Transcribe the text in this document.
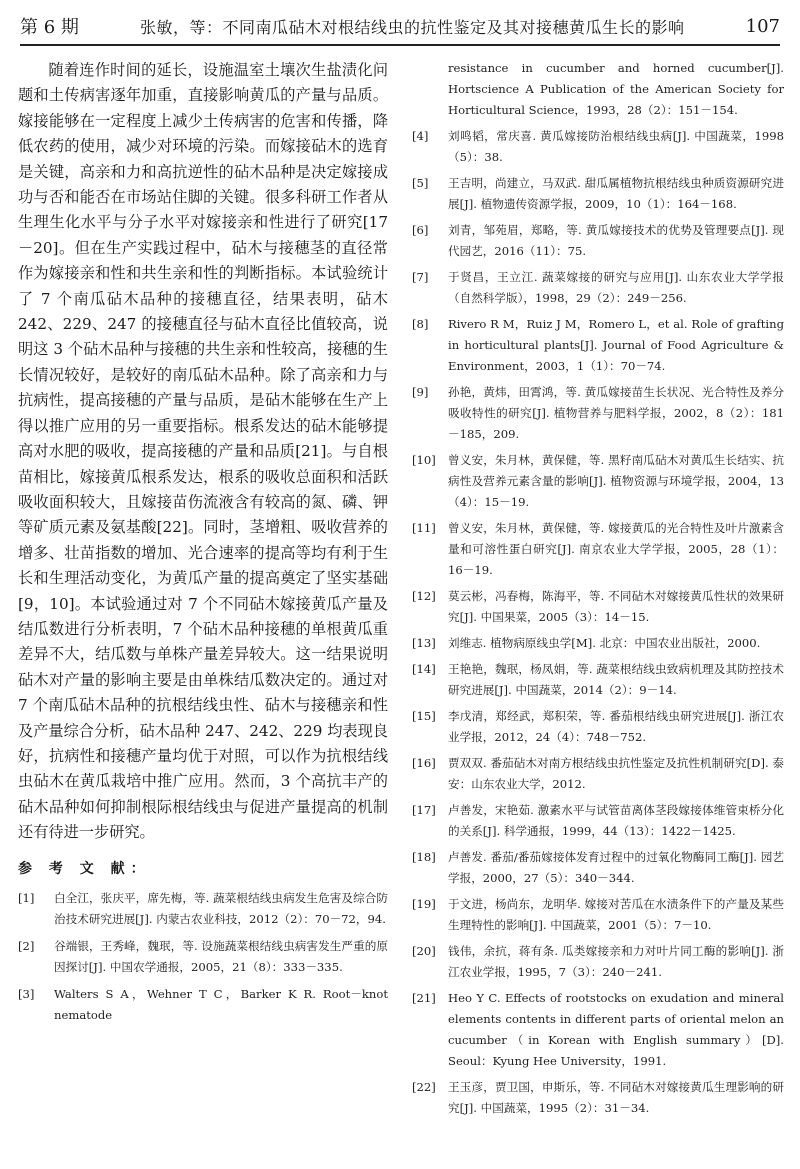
第 6 期	张敏，等：不同南瓜砧木对根结线虫的抗性鉴定及其对接穗黄瓜生长的影响	107

随着连作时间的延长，设施温室土壤次生盐渍化问题和土传病害逐年加重，直接影响黄瓜的产量与品质。嫁接能够在一定程度上减少土传病害的危害和传播，降低农药的使用，减少对环境的污染。而嫁接砧木的选育是关键，高亲和力和高抗逆性的砧木品种是决定嫁接成功与否和能否在市场站住脚的关键。很多科研工作者从生理生化水平与分子水平对嫁接亲和性进行了研究[17－20]。但在生产实践过程中，砧木与接穗茎的直径常作为嫁接亲和性和共生亲和性的判断指标。本试验统计了 7 个南瓜砧木品种的接穗直径，结果表明，砧木 242、229、247 的接穗直径与砧木直径比值较高，说明这 3 个砧木品种与接穗的共生亲和性较高，接穗的生长情况较好，是较好的南瓜砧木品种。除了高亲和力与抗病性，提高接穗的产量与品质，是砧木能够在生产上得以推广应用的另一重要指标。根系发达的砧木能够提高对水肥的吸收，提高接穗的产量和品质[21]。与自根苗相比，嫁接黄瓜根系发达，根系的吸收总面积和活跃吸收面积较大，且嫁接苗伤流液含有较高的氮、磷、钾等矿质元素及氨基酸[22]。同时，茎增粗、吸收营养的增多、壮苗指数的增加、光合速率的提高等均有利于生长和生理活动变化，为黄瓜产量的提高奠定了坚实基础[9，10]。本试验通过对 7 个不同砧木嫁接黄瓜产量及结瓜数进行分析表明，7 个砧木品种接穗的单根黄瓜重差异不大，结瓜数与单株产量差异较大。这一结果说明砧木对产量的影响主要是由单株结瓜数决定的。通过对 7 个南瓜砧木品种的抗根结线虫性、砧木与接穗亲和性及产量综合分析，砧木品种 247、242、229 均表现良好，抗病性和接穗产量均优于对照，可以作为抗根结线虫砧木在黄瓜栽培中推广应用。然而，3 个高抗丰产的砧木品种如何抑制根际根结线虫与促进产量提高的机制还有待进一步研究。

参 考 文 献：
[1]	白全江，张庆平，席先梅，等. 蔬菜根结线虫病发生危害及综合防治技术研究进展[J]. 内蒙古农业科技，2012（2）：70－72，94.
[2]	谷端银，王秀峰，魏珉，等. 设施蔬菜根结线虫病害发生严重的原因探讨[J]. 中国农学通报，2005，21（8）：333－335.
[3]	Walters S A，Wehner T C，Barker K R. Root－knot nematode
resistance in cucumber and horned cucumber[J]. Hortscience A Publication of the American Society for Horticultural Science，1993，28（2）：151－154.
[4]	刘鸣韬，常庆喜. 黄瓜嫁接防治根结线虫病[J]. 中国蔬菜，1998（5）：38.
[5]	王吉明，尚建立，马双武. 甜瓜属植物抗根结线虫种质资源研究进展[J]. 植物遗传资源学报，2009，10（1）：164－168.
[6]	刘青，邹苑眉，郑略，等. 黄瓜嫁接技术的优势及管理要点[J]. 现代园艺，2016（11）：75.
[7]	于贤昌，王立江. 蔬菜嫁接的研究与应用[J]. 山东农业大学学报（自然科学版），1998，29（2）：249－256.
[8]	Rivero R M，Ruiz J M，Romero L，et al. Role of grafting in horticultural plants[J]. Journal of Food Agriculture & Environment，2003，1（1）：70－74.
[9]	孙艳，黄炜，田霄鸿，等. 黄瓜嫁接苗生长状况、光合特性及养分吸收特性的研究[J]. 植物营养与肥料学报，2002，8（2）：181－185，209.
[10]	曾义安，朱月林，黄保健，等. 黑籽南瓜砧木对黄瓜生长结实、抗病性及营养元素含量的影响[J]. 植物资源与环境学报，2004，13（4）：15－19.
[11]	曾义安，朱月林，黄保健，等. 嫁接黄瓜的光合特性及叶片激素含量和可溶性蛋白研究[J]. 南京农业大学学报，2005，28（1）：16－19.
[12]	莫云彬，冯春梅，陈海平，等. 不同砧木对嫁接黄瓜性状的效果研究[J]. 中国果菜，2005（3）：14－15.
[13]	刘维志. 植物病原线虫学[M]. 北京：中国农业出版社，2000.
[14]	王艳艳，魏珉，杨凤娟，等. 蔬菜根结线虫致病机理及其防控技术研究进展[J]. 中国蔬菜，2014（2）：9－14.
[15]	李戊清，郑经武，郑积荣，等. 番茄根结线虫研究进展[J]. 浙江农业学报，2012，24（4）：748－752.
[16]	贾双双. 番茄砧木对南方根结线虫抗性鉴定及抗性机制研究[D]. 泰安：山东农业大学，2012.
[17]	卢善发，宋艳茹. 激素水平与试管苗离体茎段嫁接体维管束桥分化的关系[J]. 科学通报，1999，44（13）：1422－1425.
[18]	卢善发. 番茄/番茄嫁接体发育过程中的过氧化物酶同工酶[J]. 园艺学报，2000，27（5）：340－344.
[19]	于文进，杨尚东，龙明华. 嫁接对苦瓜在水渍条件下的产量及某些生理特性的影响[J]. 中国蔬菜，2001（5）：7－10.
[20]	钱伟，余抗，蒋有条. 瓜类嫁接亲和力对叶片同工酶的影响[J]. 浙江农业学报，1995，7（3）：240－241.
[21]	Heo Y C. Effects of rootstocks on exudation and mineral elements contents in different parts of oriental melon an cucumber（in Korean with English summary）[D]. Seoul：Kyung Hee University，1991.
[22]	王玉彦，贾卫国，申斯乐，等. 不同砧木对嫁接黄瓜生理影响的研究[J]. 中国蔬菜，1995（2）：31－34.
